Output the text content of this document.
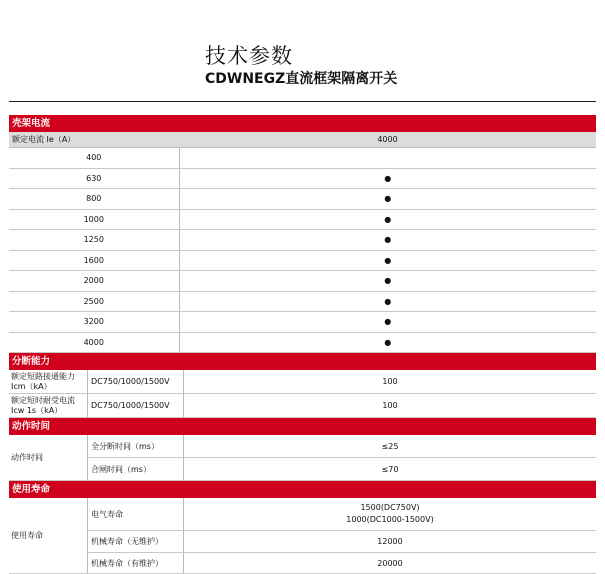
技术参数
CDWNEGZ直流框架隔离开关
壳架电流
额定电流 Ie（A）	4000
400	
630	●
800	●
1000	●
1250	●
1600	●
2000	●
2500	●
3200	●
4000	●
分断能力
额定短路接通能力 Icm（kA）	DC750/1000/1500V	100
额定短时耐受电流 Icw 1s（kA）	DC750/1000/1500V	100
动作时间
动作时间	全分断时间（ms）	≤25
	合闸时间（ms）	≤70
使用寿命
使用寿命	电气寿命	1500(DC750V)
1000(DC1000-1500V)

	机械寿命（无维护）	12000
	机械寿命（有维护）	20000
